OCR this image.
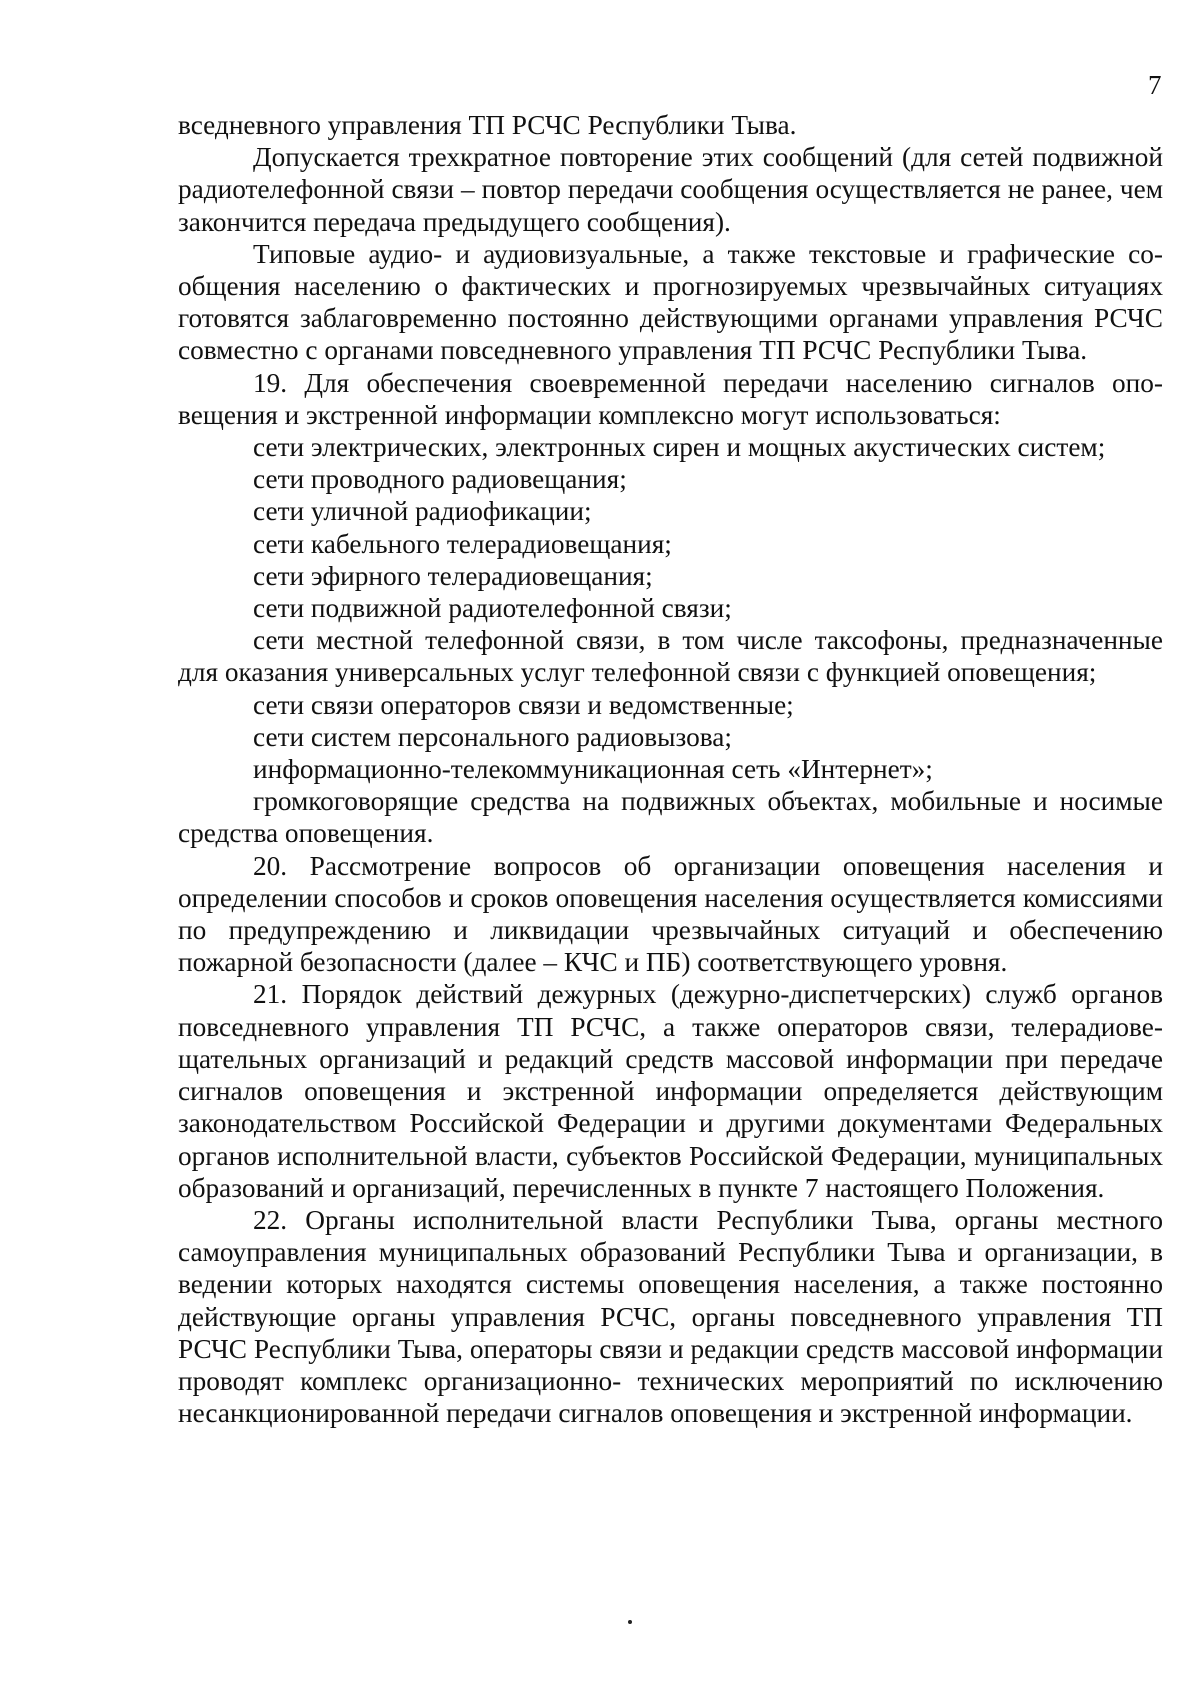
7

вседневного управления ТП РСЧС Республики Тыва.

Допускается трехкратное повторение этих сообщений (для сетей подвижной радиотелефонной связи – повтор передачи сообщения осуществляется не ранее, чем закончится передача предыдущего сообщения).

Типовые аудио- и аудиовизуальные, а также текстовые и графические сообщения населению о фактических и прогнозируемых чрезвычайных ситуациях готовятся заблаговременно постоянно действующими органами управления РСЧС совместно с органами повседневного управления ТП РСЧС Республики Тыва.

19. Для обеспечения своевременной передачи населению сигналов оповещения и экстренной информации комплексно могут использоваться:

сети электрических, электронных сирен и мощных акустических систем;

сети проводного радиовещания;

сети уличной радиофикации;

сети кабельного телерадиовещания;

сети эфирного телерадиовещания;

сети подвижной радиотелефонной связи;

сети местной телефонной связи, в том числе таксофоны, предназначенные для оказания универсальных услуг телефонной связи с функцией оповещения;

сети связи операторов связи и ведомственные;

сети систем персонального радиовызова;

информационно-телекоммуникационная сеть «Интернет»;

громкоговорящие средства на подвижных объектах, мобильные и носимые средства оповещения.

20. Рассмотрение вопросов об организации оповещения населения и определении способов и сроков оповещения населения осуществляется комиссиями по предупреждению и ликвидации чрезвычайных ситуаций и обеспечению пожарной безопасности (далее – КЧС и ПБ) соответствующего уровня.

21. Порядок действий дежурных (дежурно-диспетчерских) служб органов повседневного управления ТП РСЧС, а также операторов связи, телерадиовещательных организаций и редакций средств массовой информации при передаче сигналов оповещения и экстренной информации определяется действующим законодательством Российской Федерации и другими документами Федеральных органов исполнительной власти, субъектов Российской Федерации, муниципальных образований и организаций, перечисленных в пункте 7 настоящего Положения.

22. Органы исполнительной власти Республики Тыва, органы местного самоуправления муниципальных образований Республики Тыва и организации, в ведении которых находятся системы оповещения населения, а также постоянно действующие органы управления РСЧС, органы повседневного управления ТП РСЧС Республики Тыва, операторы связи и редакции средств массовой информации проводят комплекс организационно- технических мероприятий по исключению несанкционированной передачи сигналов оповещения и экстренной информации.
